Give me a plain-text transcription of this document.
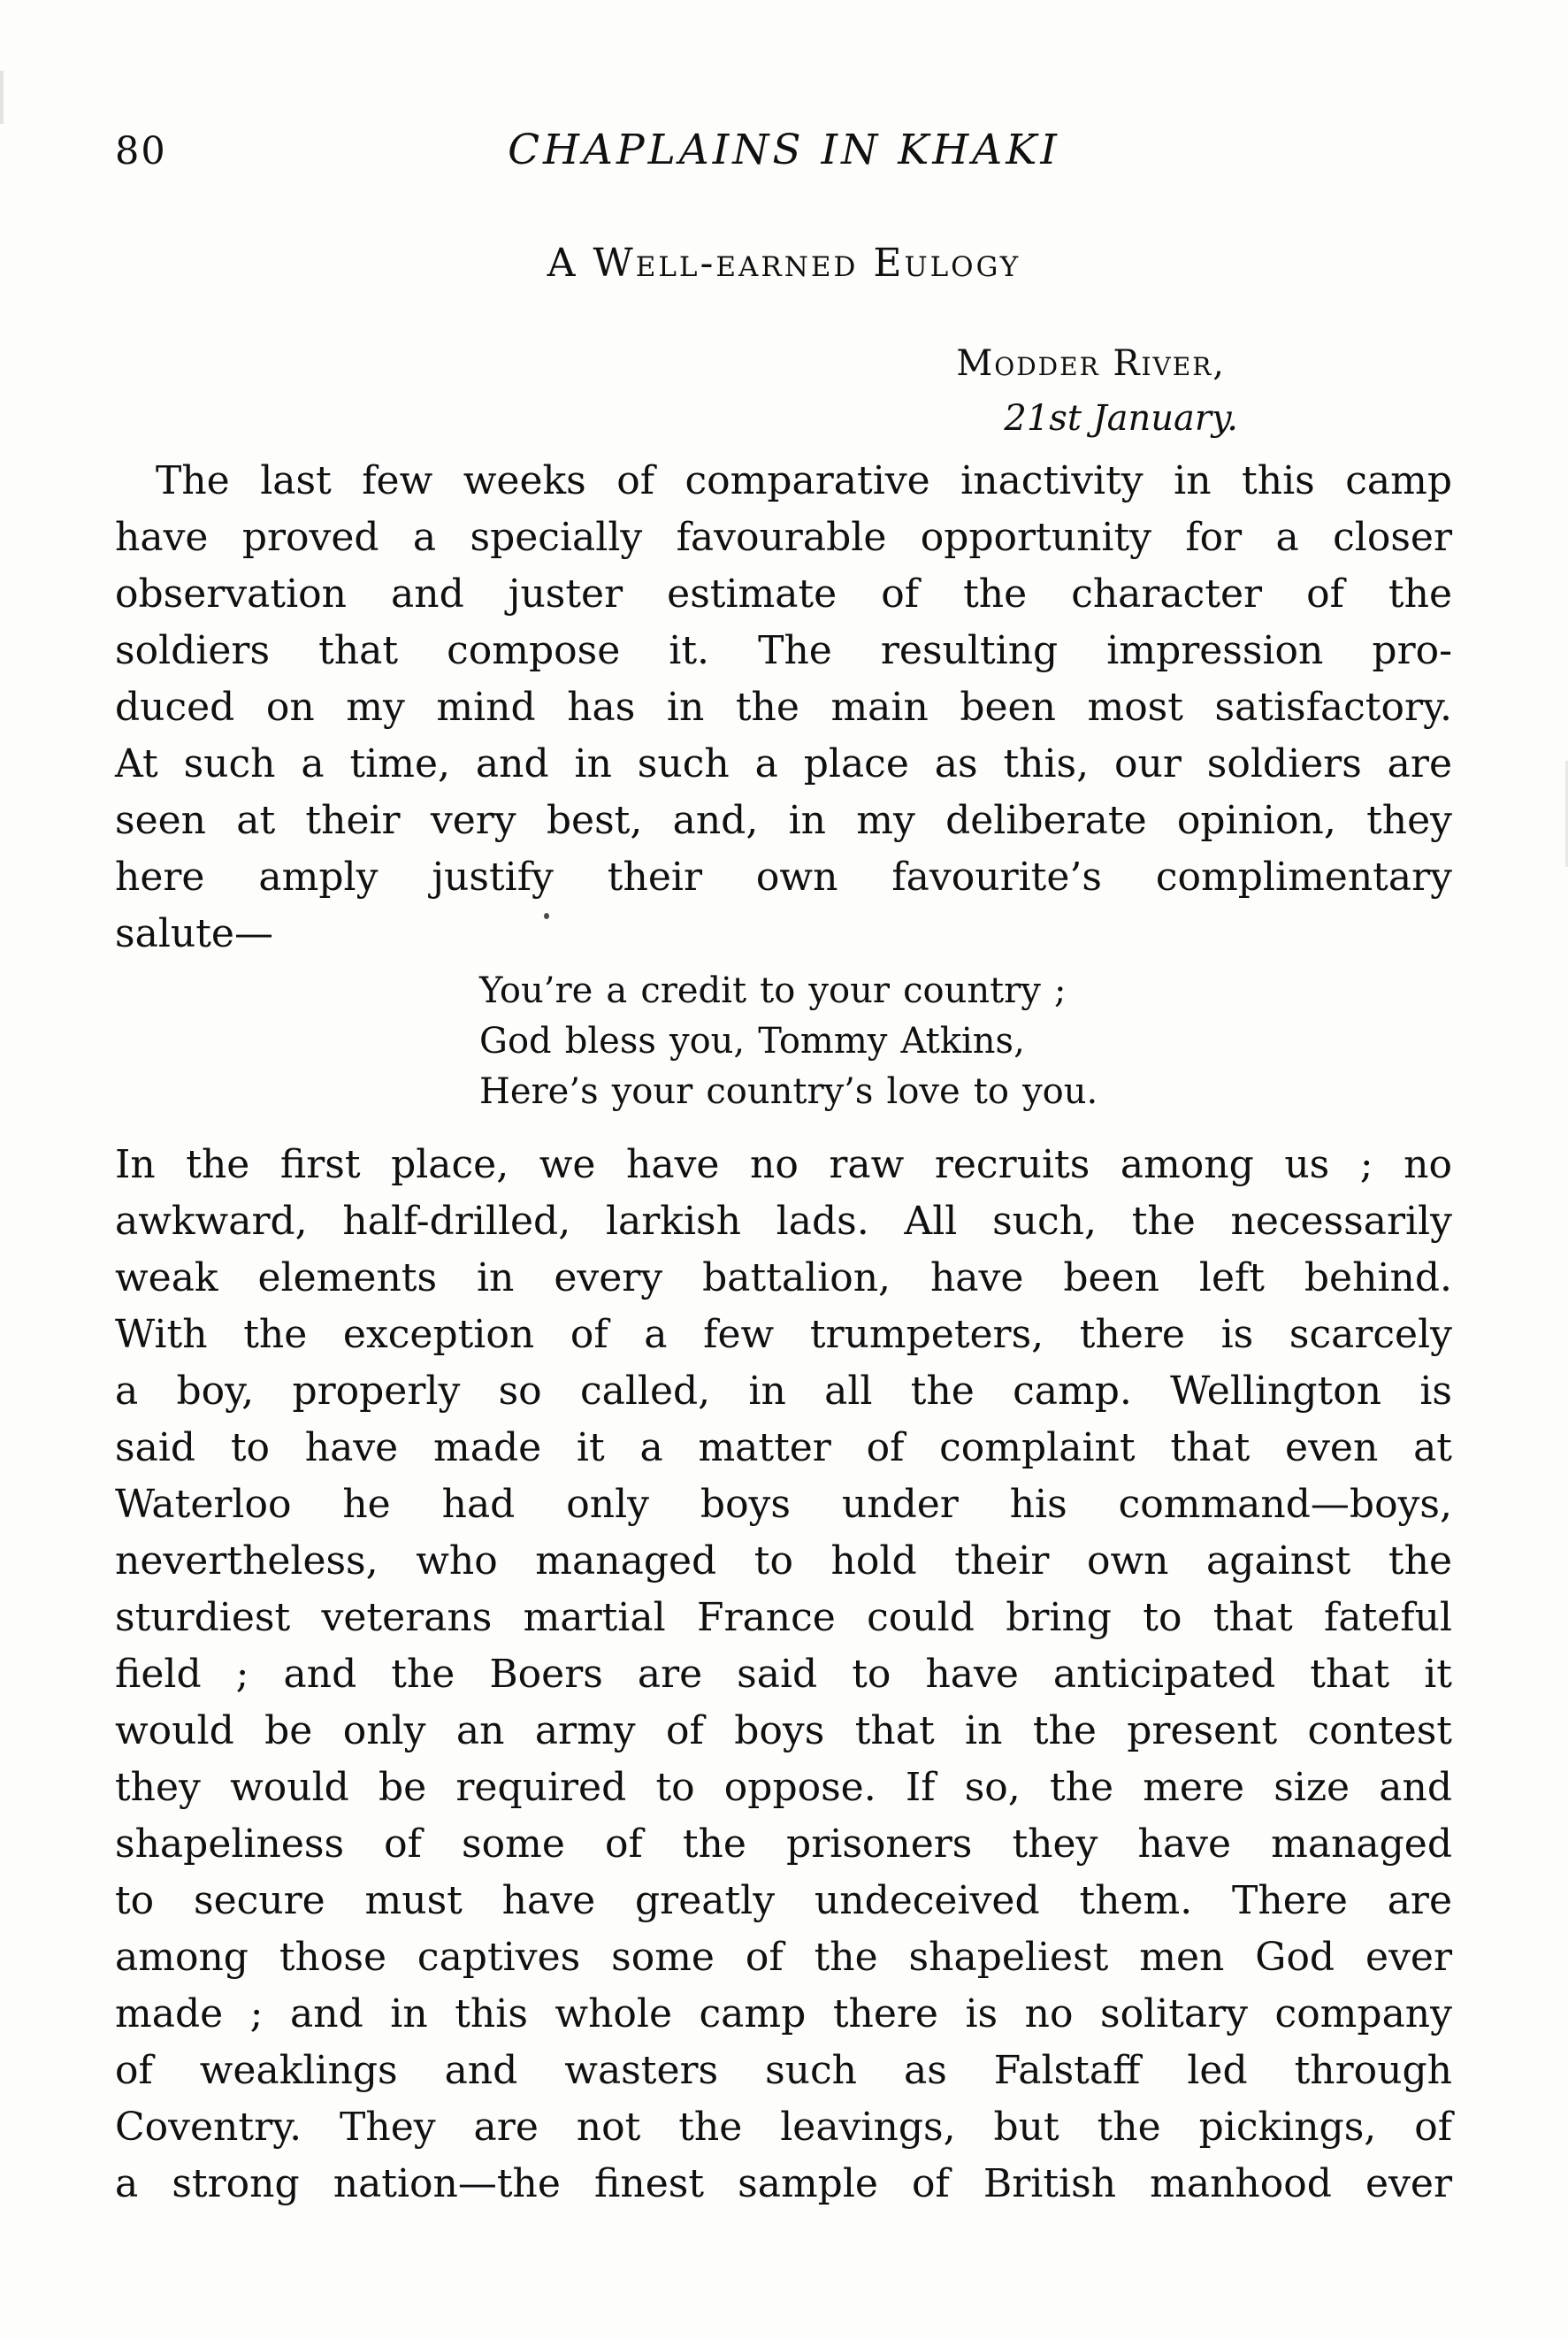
80	CHAPLAINS IN KHAKI
A Well-earned Eulogy
Modder River,
21st January.
The last few weeks of comparative inactivity in this camp
have proved a specially favourable opportunity for a closer
observation and juster estimate of the character of the
soldiers that compose it. The resulting impression pro-
duced on my mind has in the main been most satisfactory.
At such a time, and in such a place as this, our soldiers are
seen at their very best, and, in my deliberate opinion, they
here amply justify their own favourite’s complimentary
salute—
You’re a credit to your country ;
God bless you, Tommy Atkins,
Here’s your country’s love to you.
In the first place, we have no raw recruits among us ; no
awkward, half-drilled, larkish lads. All such, the necessarily
weak elements in every battalion, have been left behind.
With the exception of a few trumpeters, there is scarcely
a boy, properly so called, in all the camp. Wellington is
said to have made it a matter of complaint that even at
Waterloo he had only boys under his command—boys,
nevertheless, who managed to hold their own against the
sturdiest veterans martial France could bring to that fateful
field ; and the Boers are said to have anticipated that it
would be only an army of boys that in the present contest
they would be required to oppose. If so, the mere size and
shapeliness of some of the prisoners they have managed
to secure must have greatly undeceived them. There are
among those captives some of the shapeliest men God ever
made ; and in this whole camp there is no solitary company
of weaklings and wasters such as Falstaff led through
Coventry. They are not the leavings, but the pickings, of
a strong nation—the finest sample of British manhood ever
